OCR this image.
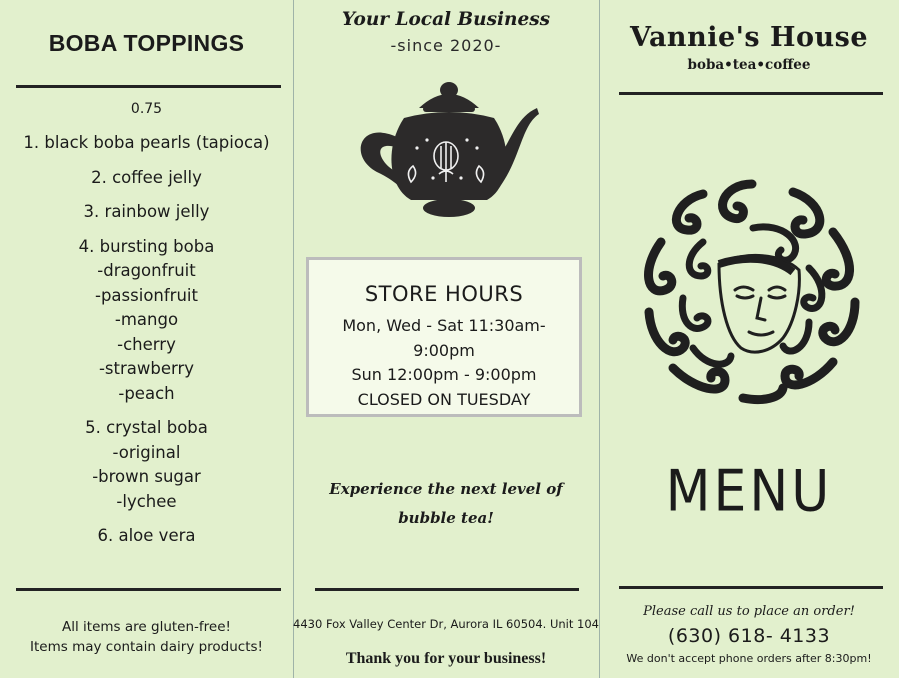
BOBA TOPPINGS
0.75
1. black boba pearls (tapioca)
2. coffee jelly
3. rainbow jelly
4. bursting boba
-dragonfruit
-passionfruit
-mango
-cherry
-strawberry
-peach
5. crystal boba
-original
-brown sugar
-lychee
6. aloe vera
All items are gluten-free!
Items may contain dairy products!
Your Local Business
-since 2020-
STORE HOURS
Mon, Wed - Sat 11:30am- 9:00pm
Sun 12:00pm - 9:00pm
CLOSED ON TUESDAY
Experience the next level of
bubble tea!
4430 Fox Valley Center Dr, Aurora IL 60504. Unit 104
Thank you for your business!
Vannie's House
boba•tea•coffee
MENU
Please call us to place an order!
(630) 618- 4133
We don't accept phone orders after 8:30pm!
